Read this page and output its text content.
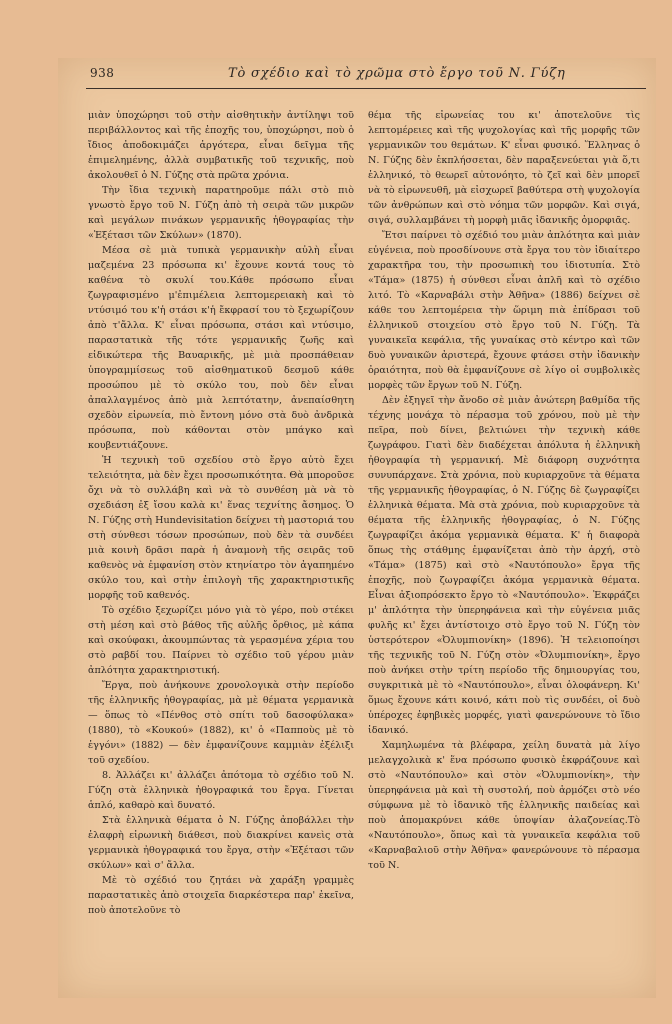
938	Τὸ σχέδιο καὶ τὸ χρῶμα στὸ ἔργο τοῦ Ν. Γύζη

μιὰν ὑποχώρησι τοῦ στὴν αἰσθητικὴν ἀντίληψι τοῦ περιβάλλοντος καὶ τῆς ἐποχῆς του, ὑποχώρησι, ποὺ ὁ ἴδιος ἀποδοκιμάζει ἀργότερα, εἶναι δεῖγμα τῆς ἐπιμελημένης, ἀλλὰ συμβατικῆς τοῦ τεχνικῆς, ποὺ ἀκολουθεῖ ὁ Ν. Γύζης στὰ πρῶτα χρόνια.

Τὴν ἴδια τεχνικὴ παρατηροῦμε πάλι στὸ πιὸ γνωστὸ ἔργο τοῦ Ν. Γύζη ἀπὸ τὴ σειρὰ τῶν μικρῶν καὶ μεγάλων πινάκων γερμανικῆς ἠθογραφίας τὴν «Ἐξέτασι τῶν Σκύλων» (1870).

Μέσα σὲ μιὰ τυπικὰ γερμανικὴν αὐλὴ εἶναι μαζεμένα 23 πρόσωπα κι' ἔχουνε κοντά τους τὸ καθένα τὸ σκυλί του.Κάθε πρόσωπο εἶναι ζωγραφισμένο μ'ἐπιμέλεια λεπτομερειακὴ καὶ τὸ ντύσιμό του κ'ἡ στάσι κ'ἡ ἔκφρασί του τὸ ξεχωρίζουν ἀπὸ τ'ἄλλα. Κ' εἶναι πρόσωπα, στάσι καὶ ντύσιμο, παραστατικὰ τῆς τότε γερμανικῆς ζωῆς καὶ εἰδικώτερα τῆς Βαυαρικῆς, μὲ μιὰ προσπάθειαν ὑπογραμμίσεως τοῦ αἰσθηματικοῦ δεσμοῦ κάθε προσώπου μὲ τὸ σκύλο του, ποὺ δὲν εἶναι ἀπαλλαγμένος ἀπὸ μιὰ λεπτότατην, ἀνεπαίσθητη σχεδὸν εἰρωνεία, πιὸ ἔντονη μόνο στὰ δυὸ ἀνδρικὰ πρόσωπα, ποὺ κάθονται στὸν μπάγκο καὶ κουβεντιάζουνε.

Ἡ τεχνικὴ τοῦ σχεδίου στὸ ἔργο αὐτὸ ἔχει τελειότητα, μὰ δὲν ἔχει προσωπικότητα. Θὰ μποροῦσε ὄχι νὰ τὸ συλλάβη καὶ νὰ τὸ συνθέση μὰ νὰ τὸ σχεδιάση ἐξ ἴσου καλὰ κι' ἕνας τεχνίτης ἄσημος. Ὁ Ν. Γύζης στὴ Hundevisitation δείχνει τὴ μαστοριά του στὴ σύνθεσι τόσων προσώπων, ποὺ δὲν τὰ συνδέει μιὰ κοινὴ δρᾶσι παρὰ ἡ ἀναμονὴ τῆς σειρᾶς τοῦ καθενὸς νὰ ἐμφανίση στὸν κτηνίατρο τὸν ἀγαπημένο σκύλο του, καὶ στὴν ἐπιλογὴ τῆς χαρακτηριστικῆς μορφῆς τοῦ καθενός.

Τὸ σχέδιο ξεχωρίζει μόνο γιὰ τὸ γέρο, ποὺ στέκει στὴ μέση καὶ στὸ βάθος τῆς αὐλῆς ὄρθιος, μὲ κάπα καὶ σκούφακι, ἀκουμπώντας τὰ γερασμένα χέρια του στὸ ραβδί του. Παίρνει τὸ σχέδιο τοῦ γέρου μιὰν ἀπλότητα χαρακτηριστική.

Ἔργα, ποὺ ἀνήκουνε χρονολογικὰ στὴν περίοδο τῆς ἑλληνικῆς ἠθογραφίας, μὰ μὲ θέματα γερμανικὰ — ὅπως τὸ «Πένθος στὸ σπίτι τοῦ δασοφύλακα» (1880), τὸ «Κουκού» (1882), κι' ὁ «Παπποὺς μὲ τὸ ἐγγόνι» (1882) — δὲν ἐμφανίζουνε καμμιὰν ἐξέλιξι τοῦ σχεδίου.

8. Ἀλλάζει κι' ἀλλάζει ἀπότομα τὸ σχέδιο τοῦ Ν. Γύζη στὰ ἑλληνικὰ ἠθογραφικά του ἔργα. Γίνεται ἁπλό, καθαρὸ καὶ δυνατό.

Στὰ ἑλληνικὰ θέματα ὁ Ν. Γύζης ἀποβάλλει τὴν ἐλαφρὴ εἰρωνικὴ διάθεσι, ποὺ διακρίνει κανεὶς στὰ γερμανικὰ ἠθογραφικά του ἔργα, στὴν «Ἐξέτασι τῶν σκύλων» καὶ σ' ἄλλα.

Μὲ τὸ σχέδιό του ζητάει νὰ χαράξη γραμμὲς παραστατικὲς ἀπὸ στοιχεῖα διαρκέστερα παρ' ἐκεῖνα, ποὺ ἀποτελοῦνε τὸ

θέμα τῆς εἰρωνείας του κι' ἀποτελοῦνε τὶς λεπτομέρειες καὶ τῆς ψυχολογίας καὶ τῆς μορφῆς τῶν γερμανικῶν του θεμάτων. Κ' εἶναι φυσικό. Ἕλληνας ὁ Ν. Γύζης δὲν ἐκπλήσσεται, δὲν παραξενεύεται γιὰ ὅ,τι ἑλληνικό, τὸ θεωρεῖ αὐτονόητο, τὸ ζεῖ καὶ δὲν μπορεῖ νὰ τὸ εἰρωνευθῆ, μὰ εἰσχωρεῖ βαθύτερα στὴ ψυχολογία τῶν ἀνθρώπων καὶ στὸ νόημα τῶν μορφῶν. Καὶ σιγά, σιγά, συλλαμβάνει τὴ μορφὴ μιᾶς ἰδανικῆς ὁμορφιᾶς.

Ἔτσι παίρνει τὸ σχέδιό του μιὰν ἁπλότητα καὶ μιὰν εὐγένεια, ποὺ προσδίνουνε στὰ ἔργα του τὸν ἰδιαίτερο χαρακτῆρα του, τὴν προσωπικὴ του ἰδιοτυπία. Στὸ «Τάμα» (1875) ἡ σύνθεσι εἶναι ἁπλῆ καὶ τὸ σχέδιο λιτό. Τὸ «Καρναβάλι στὴν Ἀθῆνα» (1886) δείχνει σὲ κάθε του λεπτομέρεια τὴν ὥριμη πιὰ ἐπίδρασι τοῦ ἑλληνικοῦ στοιχείου στὸ ἔργο τοῦ Ν. Γύζη. Τὰ γυναικεῖα κεφάλια, τῆς γυναίκας στὸ κέντρο καὶ τῶν δυὸ γυναικῶν ἀριστερά, ἔχουνε φτάσει στὴν ἰδανικὴν ὀραιότητα, ποὺ θὰ ἐμφανίζουνε σὲ λίγο οἱ συμβολικὲς μορφὲς τῶν ἔργων τοῦ Ν. Γύζη.

Δὲν ἐξηγεῖ τὴν ἄνοδο σὲ μιὰν ἀνώτερη βαθμίδα τῆς τέχνης μονάχα τὸ πέρασμα τοῦ χρόνου, ποὺ μὲ τὴν πεῖρα, ποὺ δίνει, βελτιώνει τὴν τεχνικὴ κάθε ζωγράφου. Γιατὶ δὲν διαδέχεται ἀπόλυτα ἡ ἑλληνικὴ ἠθογραφία τὴ γερμανική. Μὲ διάφορη συχνότητα συνυπάρχανε. Στὰ χρόνια, ποὺ κυριαρχοῦνε τὰ θέματα τῆς γερμανικῆς ἠθογραφίας, ὁ Ν. Γύζης δὲ ζωγραφίζει ἑλληνικὰ θέματα. Μὰ στὰ χρόνια, ποὺ κυριαρχοῦνε τὰ θέματα τῆς ἑλληνικῆς ἠθογραφίας, ὁ Ν. Γύζης ζωγραφίζει ἀκόμα γερμανικὰ θέματα. Κ' ἡ διαφορὰ ὅπως τὴς στάθμης ἐμφανίζεται ἀπὸ τὴν ἀρχή, στὸ «Τάμα» (1875) καὶ στὸ «Ναυτόπουλο» ἔργα τῆς ἐποχῆς, ποὺ ζωγραφίζει ἀκόμα γερμανικὰ θέματα. Εἶναι ἀξιοπρόσεκτο ἔργο τὸ «Ναυτόπουλο». Ἐκφράζει μ' ἁπλότητα τὴν ὑπερηφάνεια καὶ τὴν εὐγένεια μιᾶς φυλῆς κι' ἔχει ἀντίστοιχο στὸ ἔργο τοῦ Ν. Γύζη τὸν ὑστερότερον «Ὀλυμπιονίκη» (1896). Ἡ τελειοποίησι τῆς τεχνικῆς τοῦ Ν. Γύζη στὸν «Ὀλυμπιονίκη», ἔργο ποὺ ἀνήκει στὴν τρίτη περίοδο τῆς δημιουργίας του, συγκριτικὰ μὲ τὸ «Ναυτόπουλο», εἶναι ὁλοφάνερη. Κι' ὅμως ἔχουνε κάτι κοινό, κάτι ποὺ τὶς συνδέει, οἱ δυὸ ὑπέροχες ἐφηβικὲς μορφές, γιατὶ φανερώνουνε τὸ ἴδιο ἰδανικό.

Χαμηλωμένα τὰ βλέφαρα, χείλη δυνατὰ μὰ λίγο μελαγχολικὰ κ' ἕνα πρόσωπο φυσικὸ ἐκφράζουνε καὶ στὸ «Ναυτόπουλο» καὶ στὸν «Ὀλυμπιονίκη», τὴν ὑπερηφάνεια μὰ καὶ τὴ συστολή, ποὺ ἁρμόζει στὸ νέο σύμφωνα μὲ τὸ ἰδανικὸ τῆς ἑλληνικῆς παιδείας καὶ ποὺ ἀπομακρύνει κάθε ὑποψίαν ἀλαζονείας.Τὸ «Ναυτόπουλο», ὅπως καὶ τὰ γυναικεῖα κεφάλια τοῦ «Καρναβαλιοῦ στὴν Ἀθῆνα» φανερώνουνε τὸ πέρασμα τοῦ Ν.
